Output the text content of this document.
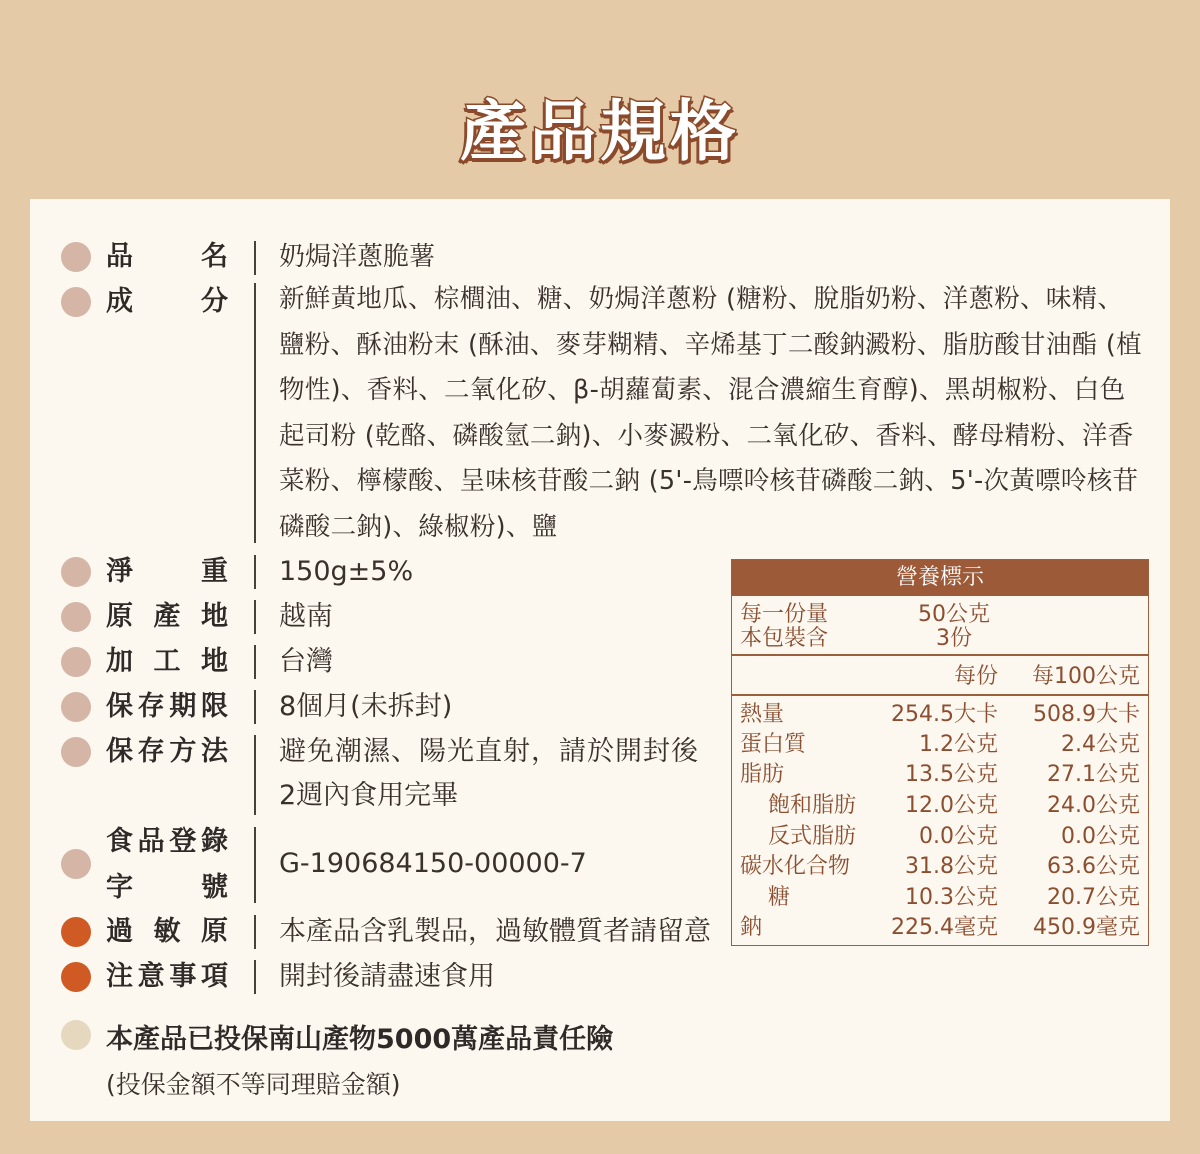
產品規格
品名 奶焗洋蔥脆薯
成分 新鮮黃地瓜、棕櫚油、糖、奶焗洋蔥粉 (糖粉、脫脂奶粉、洋蔥粉、味精、鹽粉、酥油粉末 (酥油、麥芽糊精、辛烯基丁二酸鈉澱粉、脂肪酸甘油酯 (植物性)、香料、二氧化矽、β-胡蘿蔔素、混合濃縮生育醇)、黑胡椒粉、白色起司粉 (乾酪、磷酸氫二鈉)、小麥澱粉、二氧化矽、香料、酵母精粉、洋香菜粉、檸檬酸、呈味核苷酸二鈉 (5'-鳥嘌呤核苷磷酸二鈉、5'-次黃嘌呤核苷磷酸二鈉)、綠椒粉)、鹽
淨重 150g±5%
原產地 越南
加工地 台灣
保存期限 8個月(未拆封)
保存方法 避免潮濕、陽光直射，請於開封後
2週內食用完畢
食品登錄
字號
G-190684150-00000-7
過敏原 本產品含乳製品，過敏體質者請留意
注意事項 開封後請盡速食用
營養標示
每一份量	50公克
本包裝含	3份
每份 每100公克
熱量	254.5大卡 508.9大卡
蛋白質	1.2公克	2.4公克
脂肪	13.5公克 27.1公克
飽和脂肪 12.0公克 24.0公克
反式脂肪	0.0公克	0.0公克
碳水化合物 31.8公克 63.6公克
糖	10.3公克 20.7公克
鈉	225.4毫克 450.9毫克
本產品已投保南山產物5000萬產品責任險
(投保金額不等同理賠金額)
